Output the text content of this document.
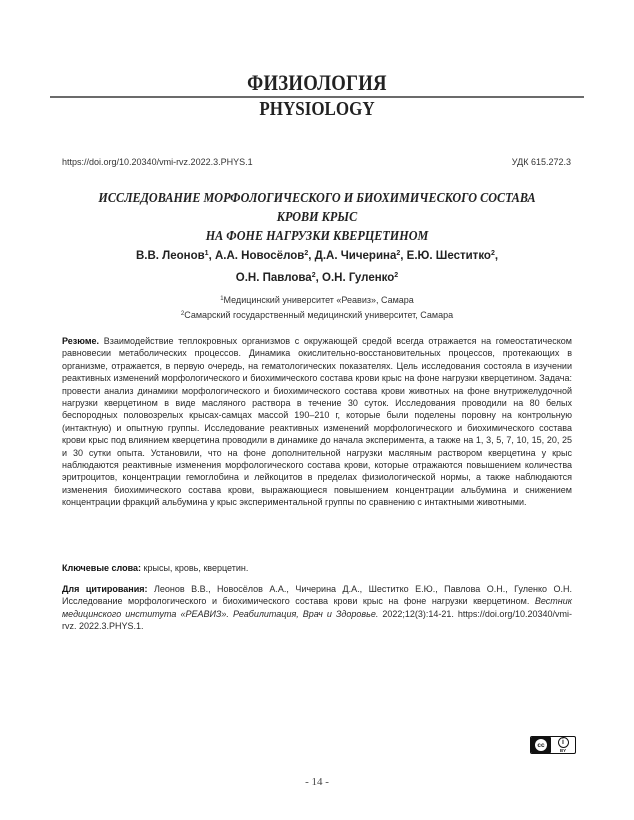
ФИЗИОЛОГИЯ
PHYSIOLOGY
https://doi.org/10.20340/vmi-rvz.2022.3.PHYS.1	УДК 615.272.3
ИССЛЕДОВАНИЕ МОРФОЛОГИЧЕСКОГО И БИОХИМИЧЕСКОГО СОСТАВА КРОВИ КРЫС
НА ФОНЕ НАГРУЗКИ КВЕРЦЕТИНОМ
В.В. Леонов$^1$, А.А. Новосёлов$^2$, Д.А. Чичерина$^2$, Е.Ю. Шеститко$^2$,
О.Н. Павлова$^2$, О.Н. Гуленко$^2$
$^1$Медицинский университет «Реавиз», Самара
$^2$Самарский государственный медицинский университет, Самара
Резюме. Взаимодействие теплокровных организмов с окружающей средой всегда отражается на гомеостатическом равновесии метаболических процессов. Динамика окислительно-восстановительных процессов, протекающих в организме, отражается, в первую очередь, на гематологических показателях. Цель исследования состояла в изучении реактивных изменений морфологического и биохимического состава крови крыс на фоне нагрузки кверцетином. Задача: провести анализ динамики морфологического и биохимического состава крови животных на фоне внутрижелудочной нагрузки кверцетином в виде масляного раствора в течение 30 суток. Исследования проводили на 80 белых беспородных половозрелых крысах-самцах массой 190–210 г, которые были поделены поровну на контрольную (интактную) и опытную группы. Исследование реактивных изменений морфологического и биохимического состава крови крыс под влиянием кверцетина проводили в динамике до начала эксперимента, а также на 1, 3, 5, 7, 10, 15, 20, 25 и 30 сутки опыта. Установили, что на фоне дополнительной нагрузки масляным раствором кверцетина у крыс наблюдаются реактивные изменения морфологического состава крови, которые отражаются повышением количества эритроцитов, концентрации гемоглобина и лейкоцитов в пределах физиологической нормы, а также наблюдаются изменения биохимического состава крови, выражающиеся повышением концентрации альбумина и снижением концентрации фракций альбумина у крыс экспериментальной группы по сравнению с интактными животными.
Ключевые слова: крысы, кровь, кверцетин.
Для цитирования: Леонов В.В., Новосёлов А.А., Чичерина Д.А., Шеститко Е.Ю., Павлова О.Н., Гуленко О.Н. Исследование морфологического и биохимического состава крови крыс на фоне нагрузки кверцетином. Вестник медицинского института «РЕАВИЗ». Реабилитация, Врач и Здоровье. 2022;12(3):14-21. https://doi.org/10.20340/vmi-rvz. 2022.3.PHYS.1.
cc	i
BY
- 14 -
